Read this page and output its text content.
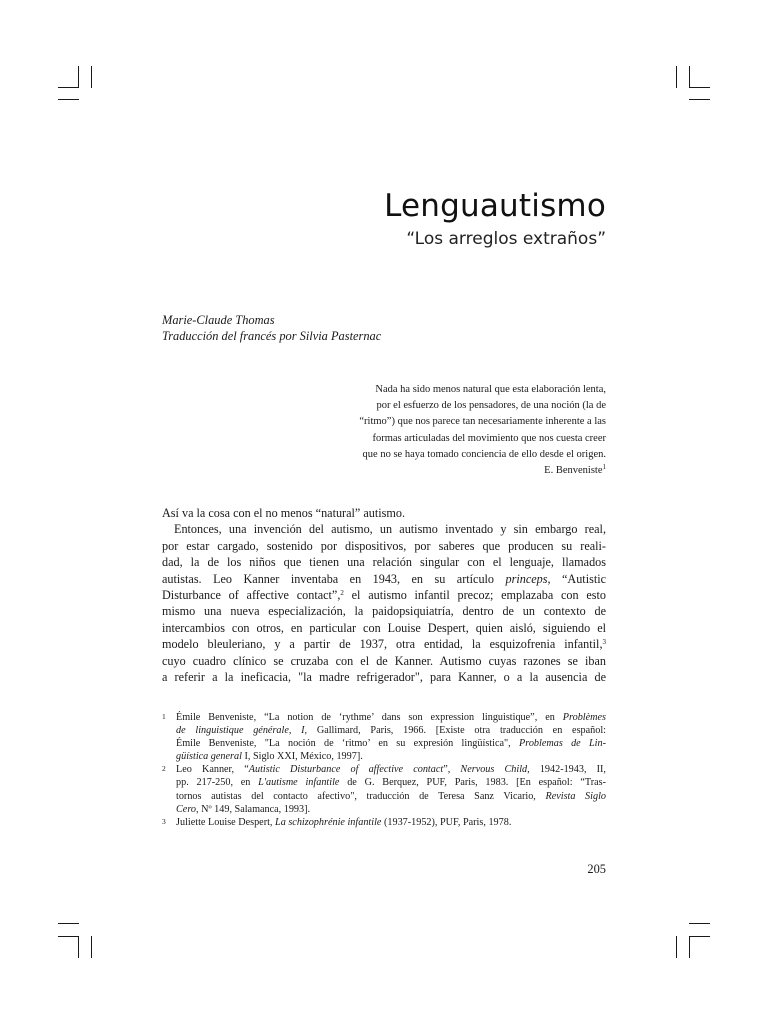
Lenguautismo
“Los arreglos extraños”
Marie-Claude Thomas
Traducción del francés por Silvia Pasternac
Nada ha sido menos natural que esta elaboración lenta,
por el esfuerzo de los pensadores, de una noción (la de
“ritmo”) que nos parece tan necesariamente inherente a las
formas articuladas del movimiento que nos cuesta creer
que no se haya tomado conciencia de ello desde el origen.
E. Benveniste$^1$
Así va la cosa con el no menos “natural” autismo.
Entonces, una invención del autismo, un autismo inventado y sin embargo real,
por estar cargado, sostenido por dispositivos, por saberes que producen su reali-
dad, la de los niños que tienen una relación singular con el lenguaje, llamados
autistas. Leo Kanner inventaba en 1943, en su artículo princeps, “Autistic
Disturbance of affective contact”,$^2$ el autismo infantil precoz; emplazaba con esto
mismo una nueva especialización, la paidopsiquiatría, dentro de un contexto de
intercambios con otros, en particular con Louise Despert, quien aisló, siguiendo el
modelo bleuleriano, y a partir de 1937, otra entidad, la esquizofrenia infantil,$^3$
cuyo cuadro clínico se cruzaba con el de Kanner. Autismo cuyas razones se iban
a referir a la ineficacia, "la madre refrigerador", para Kanner, o a la ausencia de
1 Émile Benveniste, “La notion de ‘rythme’ dans son expression linguistique”, en Problèmes
de linguistique générale, I, Gallimard, Paris, 1966. [Existe otra traducción en español:
Émile Benveniste, "La noción de ‘ritmo’ en su expresión lingüística", Problemas de Lin-
güística general I, Siglo XXI, México, 1997].
2 Leo Kanner, “Autistic Disturbance of affective contact”, Nervous Child, 1942-1943, II,
pp. 217-250, en L'autisme infantile de G. Berquez, PUF, Paris, 1983. [En español: “Tras-
tornos autistas del contacto afectivo", traducción de Teresa Sanz Vicario, Revista Siglo
Cero, Nº 149, Salamanca, 1993].
3 Juliette Louise Despert, La schizophrénie infantile (1937-1952), PUF, Paris, 1978.
205
